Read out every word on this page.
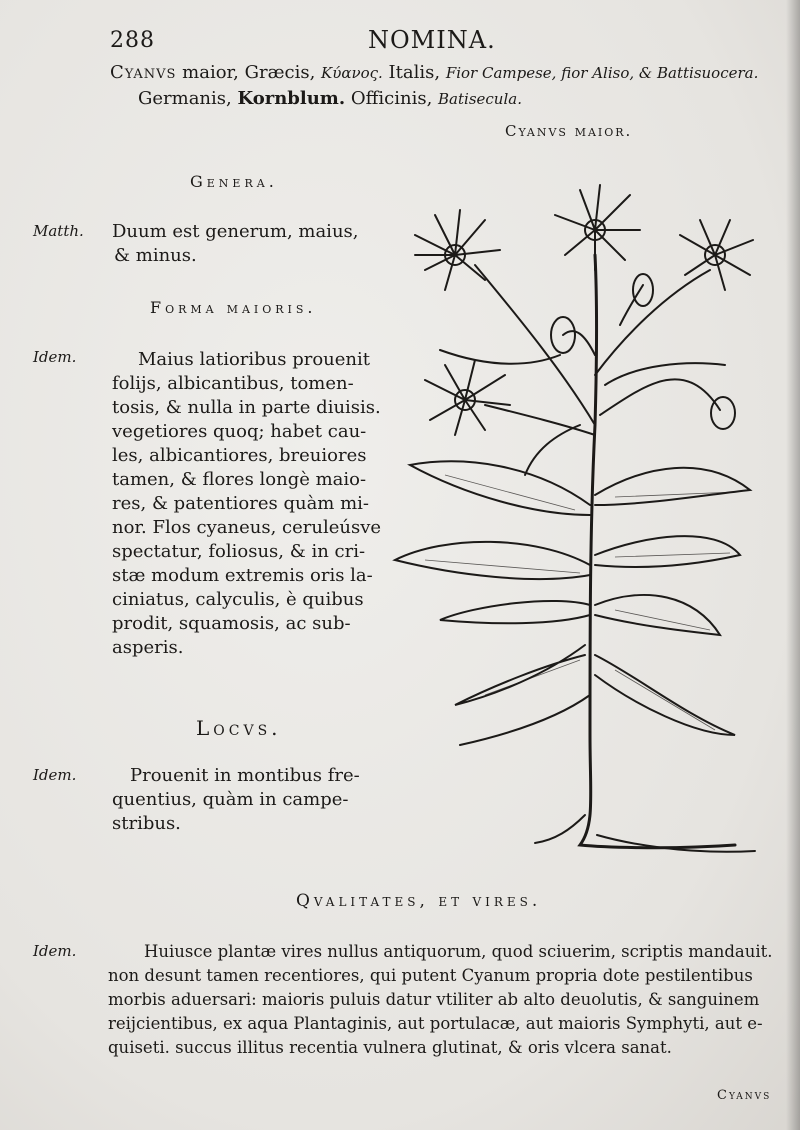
288	NOMINA.
Cyanvs maior, Græcis, Κύανος. Italis, Fior Campese, fior Aliso, & Battisuocera.
Germanis, Kornblum. Officinis, Batisecula.
Cyanvs maior.
Genera.
Matth. Duum est generum, maius,
& minus.
Forma maioris.
Idem.	Maius latioribus prouenit
folijs, albicantibus, tomen-
tosis, & nulla in parte diuisis.
vegetiores quoq; habet cau-
les, albicantiores, breuiores
tamen, & flores longè maio-
res, & patentiores quàm mi-
nor. Flos cyaneus, ceruleúsve
spectatur, foliosus, & in cri-
stæ modum extremis oris la-
ciniatus, calyculis, è quibus
prodit, squamosis, ac sub-
asperis.
Locvs.
Idem.	Prouenit in montibus fre-
quentius, quàm in campe-
stribus.
Qvalitates, et vires.
Idem.	Huiusce plantæ vires nullus antiquorum, quod sciuerim, scriptis mandauit.
non desunt tamen recentiores, qui putent Cyanum propria dote pestilentibus
morbis aduersari: maioris puluis datur vtiliter ab alto deuolutis, & sanguinem
reijcientibus, ex aqua Plantaginis, aut portulacæ, aut maioris Symphyti, aut e-
quiseti. succus illitus recentia vulnera glutinat, & oris vlcera sanat.
Cyanvs
